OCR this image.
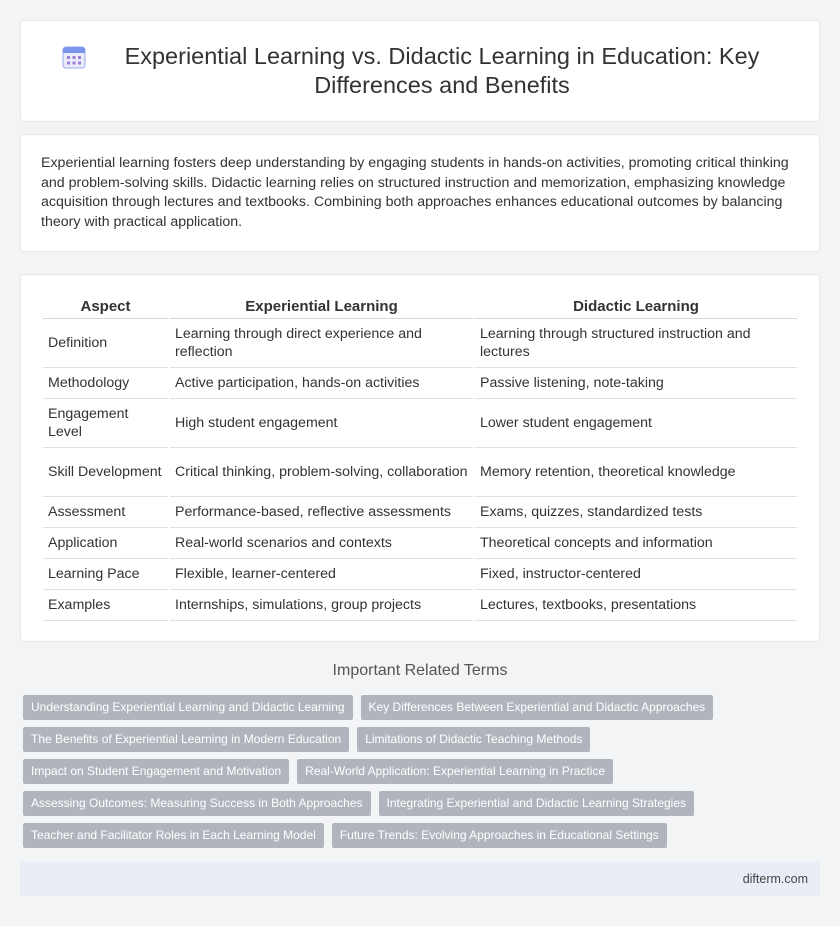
Experiential Learning vs. Didactic Learning in Education: Key Differences and Benefits

Experiential learning fosters deep understanding by engaging students in hands-on activities, promoting critical thinking and problem-solving skills. Didactic learning relies on structured instruction and memorization, emphasizing knowledge acquisition through lectures and textbooks. Combining both approaches enhances educational outcomes by balancing theory with practical application.

Aspect		Experiential Learning		Didactic Learning
Definition		Learning through direct experience and reflection		Learning through structured instruction and lectures
Methodology		Active participation, hands-on activities		Passive listening, note-taking
Engagement Level		High student engagement		Lower student engagement
Skill Development		Critical thinking, problem-solving, collaboration		Memory retention, theoretical knowledge
Assessment		Performance-based, reflective assessments		Exams, quizzes, standardized tests
Application		Real-world scenarios and contexts		Theoretical concepts and information
Learning Pace		Flexible, learner-centered		Fixed, instructor-centered
Examples		Internships, simulations, group projects		Lectures, textbooks, presentations
Important Related Terms
Understanding Experiential Learning and Didactic Learning	Key Differences Between Experiential and Didactic Approaches
The Benefits of Experiential Learning in Modern Education	Limitations of Didactic Teaching Methods
Impact on Student Engagement and Motivation	Real-World Application: Experiential Learning in Practice
Assessing Outcomes: Measuring Success in Both Approaches	Integrating Experiential and Didactic Learning Strategies
Teacher and Facilitator Roles in Each Learning Model	Future Trends: Evolving Approaches in Educational Settings
difterm.com
